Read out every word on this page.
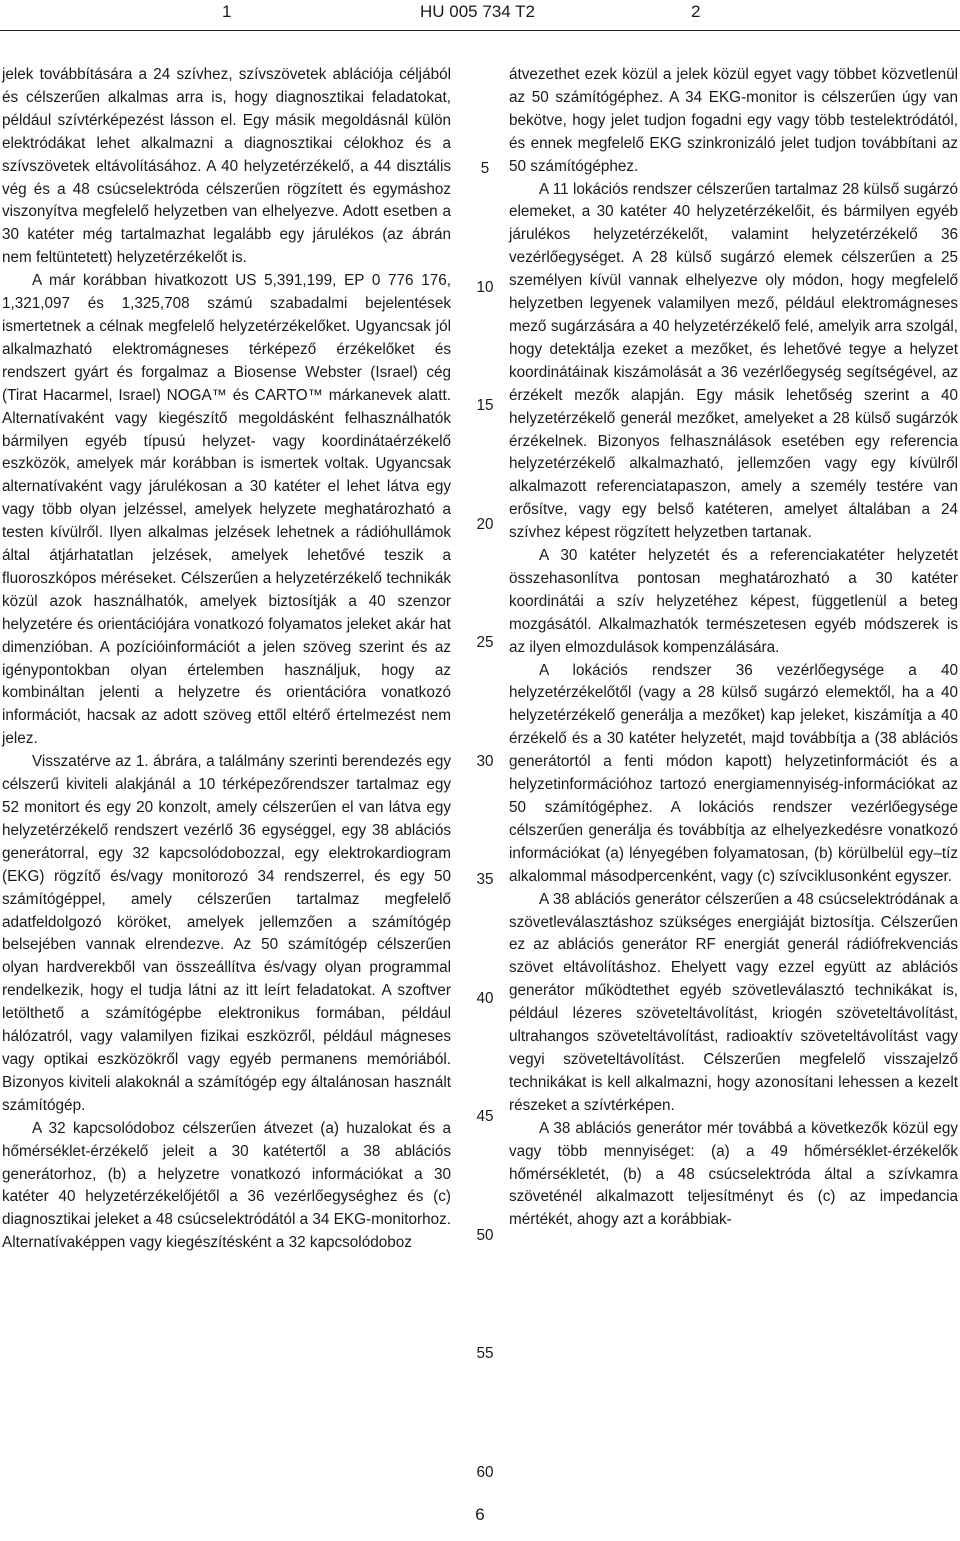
1	HU 005 734 T2	2

jelek továbbítására a 24 szívhez, szívszövetek ablációja céljából és célszerűen alkalmas arra is, hogy diagnosztikai feladatokat, például szívtérképezést lásson el. Egy másik megoldásnál külön elektródákat lehet alkalmazni a diagnosztikai célokhoz és a szívszövetek eltávolításához. A 40 helyzetérzékelő, a 44 disztális vég és a 48 csúcselektróda célszerűen rögzített és egymáshoz viszonyítva megfelelő helyzetben van elhelyezve. Adott esetben a 30 katéter még tartalmazhat legalább egy járulékos (az ábrán nem feltüntetett) helyzetérzékelőt is.

A már korábban hivatkozott US 5,391,199, EP 0 776 176, 1,321,097 és 1,325,708 számú szabadalmi bejelentések ismertetnek a célnak megfelelő helyzetérzékelőket. Ugyancsak jól alkalmazható elektromágneses térképező érzékelőket és rendszert gyárt és forgalmaz a Biosense Webster (Israel) cég (Tirat Hacarmel, Israel) NOGA™ és CARTO™ márkanevek alatt. Alternatívaként vagy kiegészítő megoldásként felhasználhatók bármilyen egyéb típusú helyzet- vagy koordinátaérzékelő eszközök, amelyek már korábban is ismertek voltak. Ugyancsak alternatívaként vagy járulékosan a 30 katéter el lehet látva egy vagy több olyan jelzéssel, amelyek helyzete meghatározható a testen kívülről. Ilyen alkalmas jelzések lehetnek a rádióhullámok által átjárhatatlan jelzések, amelyek lehetővé teszik a fluoroszkópos méréseket. Célszerűen a helyzetérzékelő technikák közül azok használhatók, amelyek biztosítják a 40 szenzor helyzetére és orientációjára vonatkozó folyamatos jeleket akár hat dimenzióban. A pozícióinformációt a jelen szöveg szerint és az igénypontokban olyan értelemben használjuk, hogy az kombináltan jelenti a helyzetre és orientációra vonatkozó információt, hacsak az adott szöveg ettől eltérő értelmezést nem jelez.

Visszatérve az 1. ábrára, a találmány szerinti berendezés egy célszerű kiviteli alakjánál a 10 térképezőrendszer tartalmaz egy 52 monitort és egy 20 konzolt, amely célszerűen el van látva egy helyzetérzékelő rendszert vezérlő 36 egységgel, egy 38 ablációs generátorral, egy 32 kapcsolódobozzal, egy elektrokardiogram (EKG) rögzítő és/vagy monitorozó 34 rendszerrel, és egy 50 számítógéppel, amely célszerűen tartalmaz megfelelő adatfeldolgozó köröket, amelyek jellemzően a számítógép belsejében vannak elrendezve. Az 50 számítógép célszerűen olyan hardverekből van összeállítva és/vagy olyan programmal rendelkezik, hogy el tudja látni az itt leírt feladatokat. A szoftver letölthető a számítógépbe elektronikus formában, például hálózatról, vagy valamilyen fizikai eszközről, például mágneses vagy optikai eszközökről vagy egyéb permanens memóriából. Bizonyos kiviteli alakoknál a számítógép egy általánosan használt számítógép.

A 32 kapcsolódoboz célszerűen átvezet (a) huzalokat és a hőmérséklet-érzékelő jeleit a 30 katétertől a 38 ablációs generátorhoz, (b) a helyzetre vonatkozó információkat a 30 katéter 40 helyzetérzékelőjétől a 36 vezérlőegységhez és (c) diagnosztikai jeleket a 48 csúcselektródától a 34 EKG-monitorhoz. Alternatívaképpen vagy kiegészítésként a 32 kapcsolódoboz

átvezethet ezek közül a jelek közül egyet vagy többet közvetlenül az 50 számítógéphez. A 34 EKG-monitor is célszerűen úgy van bekötve, hogy jelet tudjon fogadni egy vagy több testelektródától, és ennek megfelelő EKG szinkronizáló jelet tudjon továbbítani az 50 számítógéphez.

A 11 lokációs rendszer célszerűen tartalmaz 28 külső sugárzó elemeket, a 30 katéter 40 helyzetérzékelőit, és bármilyen egyéb járulékos helyzetérzékelőt, valamint helyzetérzékelő 36 vezérlőegységet. A 28 külső sugárzó elemek célszerűen a 25 személyen kívül vannak elhelyezve oly módon, hogy megfelelő helyzetben legyenek valamilyen mező, például elektromágneses mező sugárzására a 40 helyzetérzékelő felé, amelyik arra szolgál, hogy detektálja ezeket a mezőket, és lehetővé tegye a helyzet koordinátáinak kiszámolását a 36 vezérlőegység segítségével, az érzékelt mezők alapján. Egy másik lehetőség szerint a 40 helyzetérzékelő generál mezőket, amelyeket a 28 külső sugárzók érzékelnek. Bizonyos felhasználások esetében egy referencia helyzetérzékelő alkalmazható, jellemzően vagy egy kívülről alkalmazott referenciatapaszon, amely a személy testére van erősítve, vagy egy belső katéteren, amelyet általában a 24 szívhez képest rögzített helyzetben tartanak.

A 30 katéter helyzetét és a referenciakatéter helyzetét összehasonlítva pontosan meghatározható a 30 katéter koordinátái a szív helyzetéhez képest, függetlenül a beteg mozgásától. Alkalmazhatók természetesen egyéb módszerek is az ilyen elmozdulások kompenzálására.

A lokációs rendszer 36 vezérlőegysége a 40 helyzetérzékelőtől (vagy a 28 külső sugárzó elemektől, ha a 40 helyzetérzékelő generálja a mezőket) kap jeleket, kiszámítja a 40 érzékelő és a 30 katéter helyzetét, majd továbbítja a (38 ablációs generátortól a fenti módon kapott) helyzetinformációt és a helyzetinformációhoz tartozó energiamennyiség-információkat az 50 számítógéphez. A lokációs rendszer vezérlőegysége célszerűen generálja és továbbítja az elhelyezkedésre vonatkozó információkat (a) lényegében folyamatosan, (b) körülbelül egy–tíz alkalommal másodpercenként, vagy (c) szívciklusonként egyszer.

A 38 ablációs generátor célszerűen a 48 csúcselektródának a szövetleválasztáshoz szükséges energiáját biztosítja. Célszerűen ez az ablációs generátor RF energiát generál rádiófrekvenciás szövet eltávolításhoz. Ehelyett vagy ezzel együtt az ablációs generátor működtethet egyéb szövetleválasztó technikákat is, például lézeres szöveteltávolítást, kriogén szöveteltávolítást, ultrahangos szöveteltávolítást, radioaktív szöveteltávolítást vagy vegyi szöveteltávolítást. Célszerűen megfelelő visszajelző technikákat is kell alkalmazni, hogy azonosítani lehessen a kezelt részeket a szívtérképen.

A 38 ablációs generátor mér továbbá a következők közül egy vagy több mennyiséget: (a) a 49 hőmérséklet-érzékelők hőmérsékletét, (b) a 48 csúcselektróda által a szívkamra szöveténél alkalmazott teljesítményt és (c) az impedancia mértékét, ahogy azt a korábbiak-

5
10
15
20
25
30
35
40
45
50
55
60
6
